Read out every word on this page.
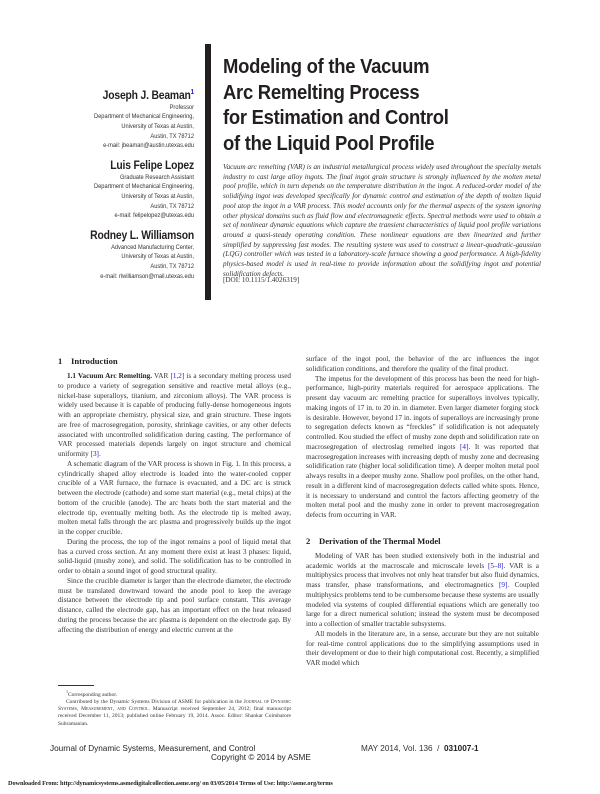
Joseph J. Beaman$^1$
Professor
Department of Mechanical Engineering,
University of Texas at Austin,
Austin, TX 78712
e-mail: jbeaman@austin.utexas.edu
Luis Felipe Lopez
Graduate Research Assistant
Department of Mechanical Engineering,
University of Texas at Austin,
Austin, TX 78712
e-mail: felipelopez@utexas.edu
Rodney L. Williamson
Advanced Manufacturing Center,
University of Texas at Austin,
Austin, TX 78712
e-mail: rlwilliamson@mail.utexas.edu
Modeling of the Vacuum
Arc Remelting Process
for Estimation and Control
of the Liquid Pool Profile
Vacuum arc remelting (VAR) is an industrial metallurgical process widely used throughout the specialty metals industry to cast large alloy ingots. The final ingot grain structure is strongly influenced by the molten metal pool profile, which in turn depends on the temperature distribution in the ingot. A reduced-order model of the solidifying ingot was developed specifically for dynamic control and estimation of the depth of molten liquid pool atop the ingot in a VAR process. This model accounts only for the thermal aspects of the system ignoring other physical domains such as fluid flow and electromagnetic effects. Spectral methods were used to obtain a set of nonlinear dynamic equations which capture the transient characteristics of liquid pool profile variations around a quasi-steady operating condition. These nonlinear equations are then linearized and further simplified by suppressing fast modes. The resulting system was used to construct a linear-quadratic-gaussian (LQG) controller which was tested in a laboratory-scale furnace showing a good performance. A high-fidelity physics-based model is used in real-time to provide information about the solidifying ingot and potential solidification defects.
[DOI: 10.1115/1.4026319]
1 Introduction

1.1 Vacuum Arc Remelting. VAR [1,2] is a secondary melting process used to produce a variety of segregation sensitive and reactive metal alloys (e.g., nickel-base superalloys, titanium, and zirconium alloys). The VAR process is widely used because it is capable of producing fully-dense homogeneous ingots with an appropriate chemistry, physical size, and grain structure. These ingots are free of macrosegregation, porosity, shrinkage cavities, or any other defects associated with uncontrolled solidification during casting. The performance of VAR processed materials depends largely on ingot structure and chemical uniformity [3].

A schematic diagram of the VAR process is shown in Fig. 1. In this process, a cylindrically shaped alloy electrode is loaded into the water-cooled copper crucible of a VAR furnace, the furnace is evacuated, and a DC arc is struck between the electrode (cathode) and some start material (e.g., metal chips) at the bottom of the crucible (anode). The arc heats both the start material and the electrode tip, eventually melting both. As the electrode tip is melted away, molten metal falls through the arc plasma and progressively builds up the ingot in the copper crucible.

During the process, the top of the ingot remains a pool of liquid metal that has a curved cross section. At any moment there exist at least 3 phases: liquid, solid-liquid (mushy zone), and solid. The solidification has to be controlled in order to obtain a sound ingot of good structural quality.

Since the crucible diameter is larger than the electrode diameter, the electrode must be translated downward toward the anode pool to keep the average distance between the electrode tip and pool surface constant. This average distance, called the electrode gap, has an important effect on the heat released during the process because the arc plasma is dependent on the electrode gap. By affecting the distribution of energy and electric current at the

$^1$Corresponding author.

Contributed by the Dynamic Systems Division of ASME for publication in the Journal of Dynamic Systems, Measurement, and Control. Manuscript received September 24, 2012; final manuscript received December 11, 2013; published online February 19, 2014. Assoc. Editor: Shankar Coimbatore Subramanian.

surface of the ingot pool, the behavior of the arc influences the ingot solidification conditions, and therefore the quality of the final product.

The impetus for the development of this process has been the need for high-performance, high-purity materials required for aerospace applications. The present day vacuum arc remelting practice for superalloys involves typically, making ingots of 17 in. to 20 in. in diameter. Even larger diameter forging stock is desirable. However, beyond 17 in. ingots of superalloys are increasingly prone to segregation defects known as “freckles” if solidification is not adequately controlled. Kou studied the effect of mushy zone depth and solidification rate on macrosegregation of electroslag remelted ingots [4]. It was reported that macrosegregation increases with increasing depth of mushy zone and decreasing solidification rate (higher local solidification time). A deeper molten metal pool always results in a deeper mushy zone. Shallow pool profiles, on the other hand, result in a different kind of macrosegregation defects called white spots. Hence, it is necessary to understand and control the factors affecting geometry of the molten metal pool and the mushy zone in order to prevent macrosegregation defects from occurring in VAR.

2 Derivation of the Thermal Model

Modeling of VAR has been studied extensively both in the industrial and academic worlds at the macroscale and microscale levels [5–8]. VAR is a multiphysics process that involves not only heat transfer but also fluid dynamics, mass transfer, phase transformations, and electromagnetics [9]. Coupled multiphysics problems tend to be cumbersome because these systems are usually modeled via systems of coupled differential equations which are generally too large for a direct numerical solution; instead the system must be decomposed into a collection of smaller tractable subsystems.

All models in the literature are, in a sense, accurate but they are not suitable for real-time control applications due to the simplifying assumptions used in their development or due to their high computational cost. Recently, a simplified VAR model which

Journal of Dynamic Systems, Measurement, and Control
Copyright © 2014 by ASME
MAY 2014, Vol. 136  /  031007-1
Downloaded From: http://dynamicsystems.asmedigitalcollection.asme.org/ on 03/05/2014 Terms of Use: http://asme.org/terms
